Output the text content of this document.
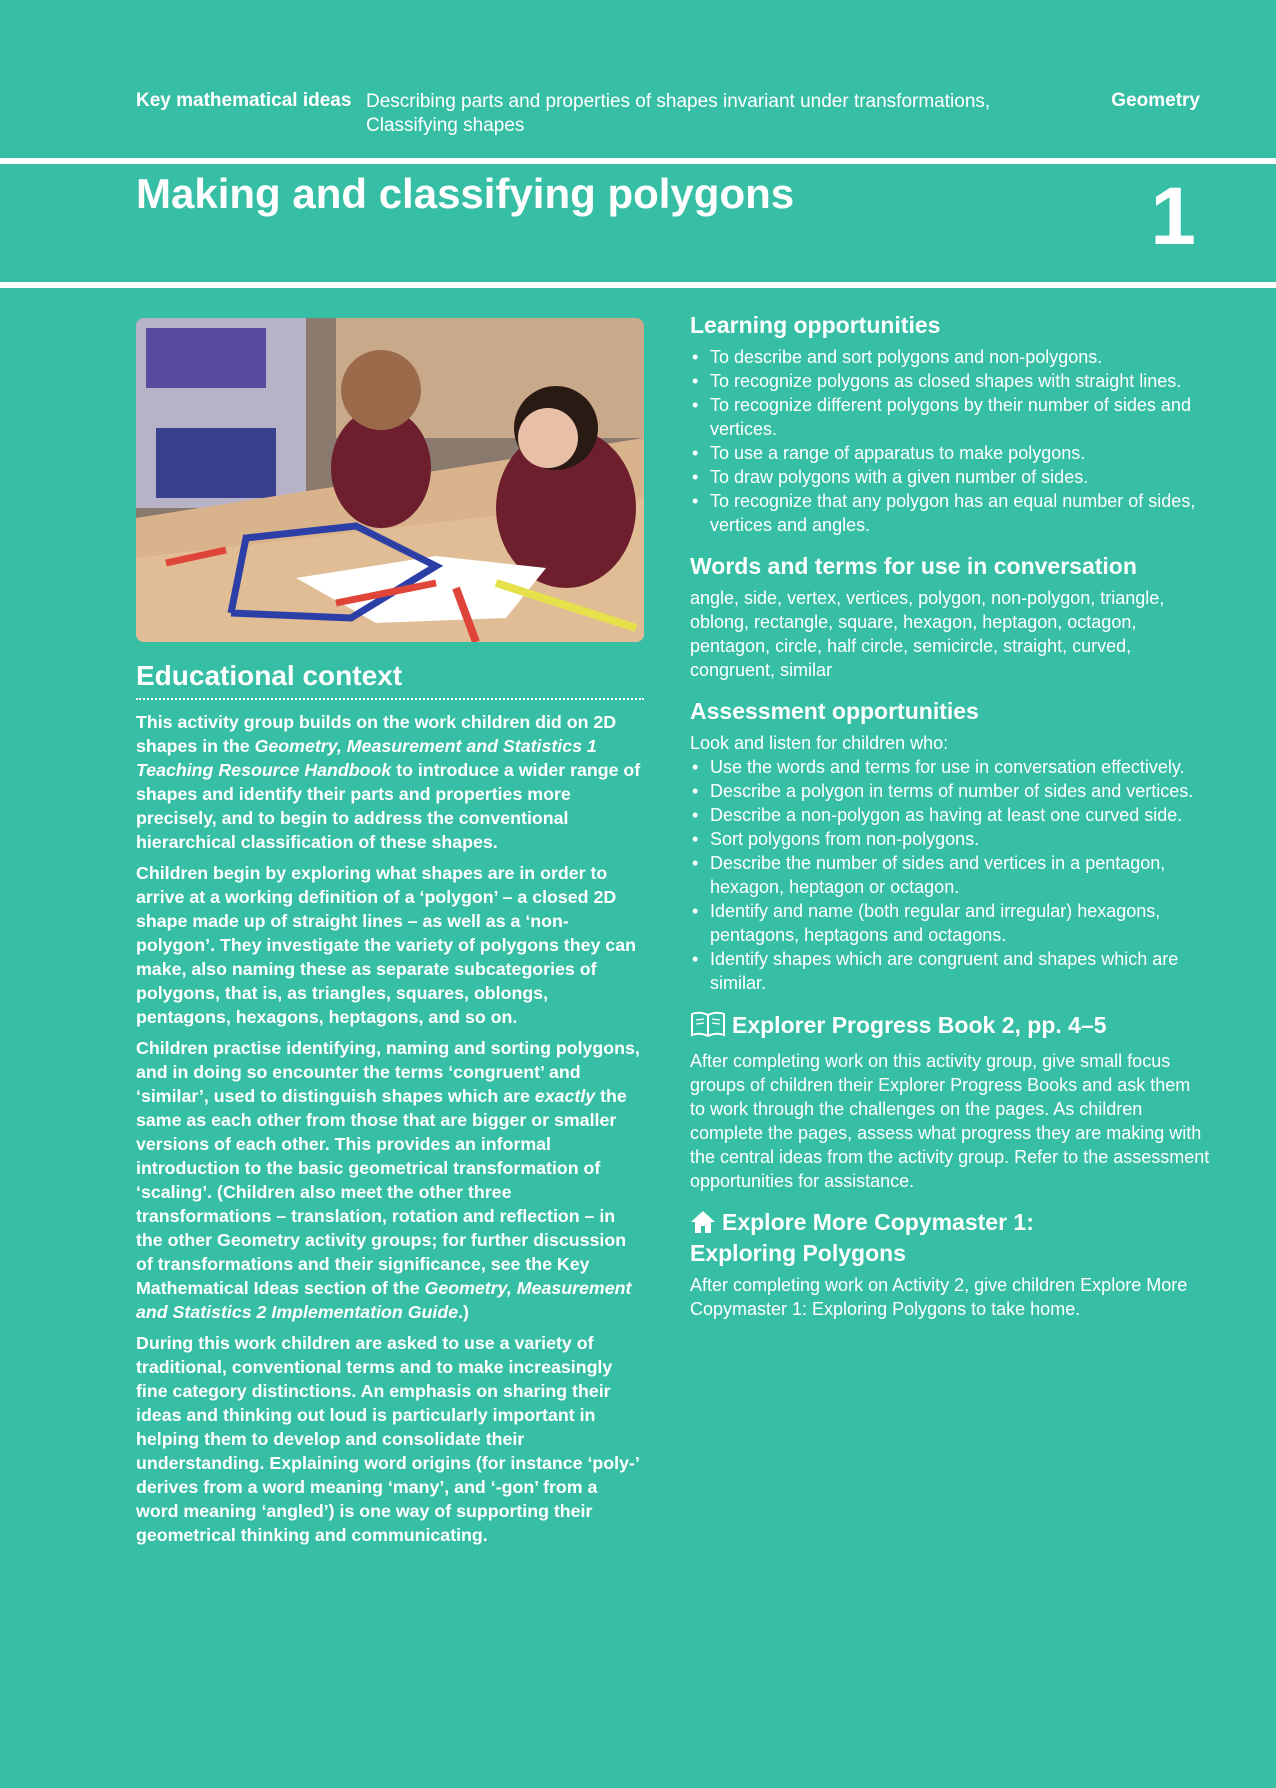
Key mathematical ideas Describing parts and properties of shapes invariant under transformations,
Classifying shapes
Geometry
Making and classifying polygons	1
Educational context

This activity group builds on the work children did on 2D shapes in the Geometry, Measurement and Statistics 1 Teaching Resource Handbook to introduce a wider range of shapes and identify their parts and properties more precisely, and to begin to address the conventional hierarchical classification of these shapes.

Children begin by exploring what shapes are in order to arrive at a working definition of a ‘polygon’ – a closed 2D shape made up of straight lines – as well as a ‘non-polygon’. They investigate the variety of polygons they can make, also naming these as separate subcategories of polygons, that is, as triangles, squares, oblongs, pentagons, hexagons, heptagons, and so on.

Children practise identifying, naming and sorting polygons, and in doing so encounter the terms ‘congruent’ and ‘similar’, used to distinguish shapes which are exactly the same as each other from those that are bigger or smaller versions of each other. This provides an informal introduction to the basic geometrical transformation of ‘scaling’. (Children also meet the other three transformations – translation, rotation and reflection – in the other Geometry activity groups; for further discussion of transformations and their significance, see the Key Mathematical Ideas section of the Geometry, Measurement and Statistics 2 Implementation Guide.)

During this work children are asked to use a variety of traditional, conventional terms and to make increasingly fine category distinctions. An emphasis on sharing their ideas and thinking out loud is particularly important in helping them to develop and consolidate their understanding. Explaining word origins (for instance ‘poly-’ derives from a word meaning ‘many’, and ‘-gon’ from a word meaning ‘angled’) is one way of supporting their geometrical thinking and communicating.

Learning opportunities
• To describe and sort polygons and non-polygons.
• To recognize polygons as closed shapes with straight lines.
• To recognize different polygons by their number of sides and vertices.
• To use a range of apparatus to make polygons.
• To draw polygons with a given number of sides.
• To recognize that any polygon has an equal number of sides, vertices and angles.
Words and terms for use in conversation

angle, side, vertex, vertices, polygon, non-polygon, triangle, oblong, rectangle, square, hexagon, heptagon, octagon, pentagon, circle, half circle, semicircle, straight, curved, congruent, similar

Assessment opportunities

Look and listen for children who:

• Use the words and terms for use in conversation effectively.
• Describe a polygon in terms of number of sides and vertices.
• Describe a non-polygon as having at least one curved side.
• Sort polygons from non-polygons.
• Describe the number of sides and vertices in a pentagon, hexagon, heptagon or octagon.
• Identify and name (both regular and irregular) hexagons, pentagons, heptagons and octagons.
• Identify shapes which are congruent and shapes which are similar.
Explorer Progress Book 2, pp. 4–5

After completing work on this activity group, give small focus groups of children their Explorer Progress Books and ask them to work through the challenges on the pages. As children complete the pages, assess what progress they are making with the central ideas from the activity group. Refer to the assessment opportunities for assistance.

Explore More Copymaster 1:
Exploring Polygons

After completing work on Activity 2, give children Explore More Copymaster 1: Exploring Polygons to take home.
